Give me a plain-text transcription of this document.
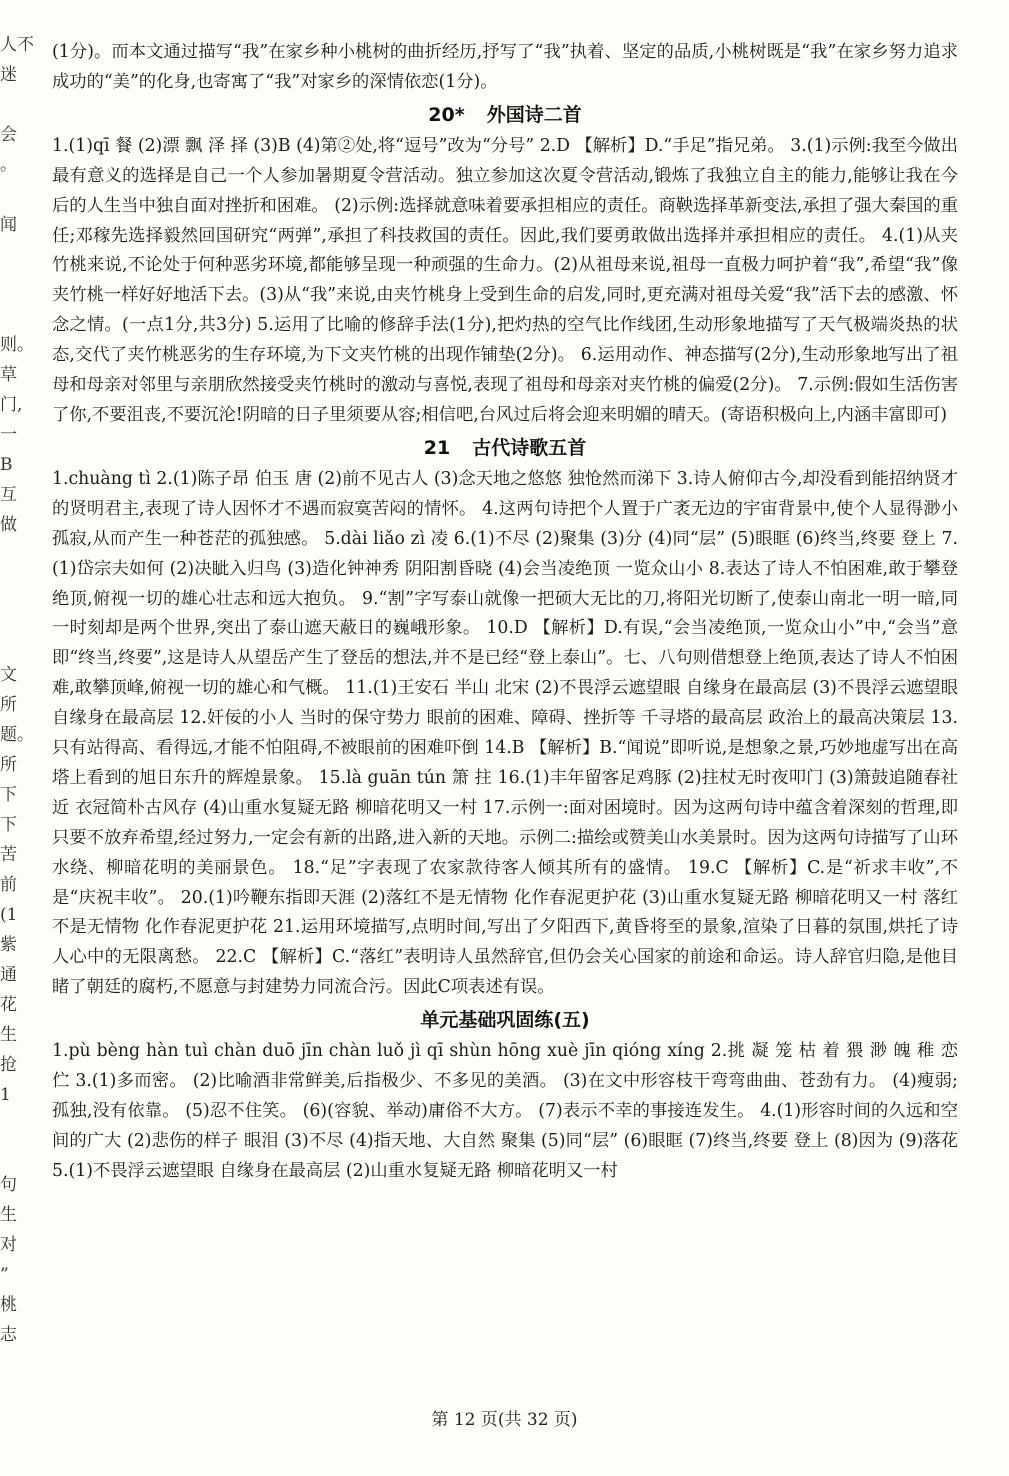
人不
迷
会
。
闻
则。
草
门,
一
B
互
做
文
所
题。
所
下
下
苦
前
(1
紫
通
花
生
抢
1
句
生
对
”
桃
志

(1分)。而本文通过描写“我”在家乡种小桃树的曲折经历,抒写了“我”执着、坚定的品质,小桃树既是“我”在家乡努力追求成功的“美”的化身,也寄寓了“我”对家乡的深情依恋(1分)。

20* 外国诗二首

1.(1)qī 餐 (2)漂 飘 泽 择 (3)B (4)第②处,将“逗号”改为“分号” 2.D 【解析】D.“手足”指兄弟。 3.(1)示例:我至今做出最有意义的选择是自己一个人参加暑期夏令营活动。独立参加这次夏令营活动,锻炼了我独立自主的能力,能够让我在今后的人生当中独自面对挫折和困难。 (2)示例:选择就意味着要承担相应的责任。商鞅选择革新变法,承担了强大秦国的重任;邓稼先选择毅然回国研究“两弹”,承担了科技救国的责任。因此,我们要勇敢做出选择并承担相应的责任。 4.(1)从夹竹桃来说,不论处于何种恶劣环境,都能够呈现一种顽强的生命力。(2)从祖母来说,祖母一直极力呵护着“我”,希望“我”像夹竹桃一样好好地活下去。(3)从“我”来说,由夹竹桃身上受到生命的启发,同时,更充满对祖母关爱“我”活下去的感激、怀念之情。(一点1分,共3分) 5.运用了比喻的修辞手法(1分),把灼热的空气比作线团,生动形象地描写了天气极端炎热的状态,交代了夹竹桃恶劣的生存环境,为下文夹竹桃的出现作铺垫(2分)。 6.运用动作、神态描写(2分),生动形象地写出了祖母和母亲对邻里与亲朋欣然接受夹竹桃时的激动与喜悦,表现了祖母和母亲对夹竹桃的偏爱(2分)。 7.示例:假如生活伤害了你,不要沮丧,不要沉沦!阴暗的日子里须要从容;相信吧,台风过后将会迎来明媚的晴天。(寄语积极向上,内涵丰富即可)

21 古代诗歌五首

1.chuàng tì 2.(1)陈子昂 伯玉 唐 (2)前不见古人 (3)念天地之悠悠 独怆然而涕下 3.诗人俯仰古今,却没看到能招纳贤才的贤明君主,表现了诗人因怀才不遇而寂寞苦闷的情怀。 4.这两句诗把个人置于广袤无边的宇宙背景中,使个人显得渺小孤寂,从而产生一种苍茫的孤独感。 5.dài liǎo zì 凌 6.(1)不尽 (2)聚集 (3)分 (4)同“层” (5)眼眶 (6)终当,终要 登上 7.(1)岱宗夫如何 (2)决眦入归鸟 (3)造化钟神秀 阴阳割昏晓 (4)会当凌绝顶 一览众山小 8.表达了诗人不怕困难,敢于攀登绝顶,俯视一切的雄心壮志和远大抱负。 9.“割”字写泰山就像一把硕大无比的刀,将阳光切断了,使泰山南北一明一暗,同一时刻却是两个世界,突出了泰山遮天蔽日的巍峨形象。 10.D 【解析】D.有误,“会当凌绝顶,一览众山小”中,“会当”意即“终当,终要”,这是诗人从望岳产生了登岳的想法,并不是已经“登上泰山”。七、八句则借想登上绝顶,表达了诗人不怕困难,敢攀顶峰,俯视一切的雄心和气概。 11.(1)王安石 半山 北宋 (2)不畏浮云遮望眼 自缘身在最高层 (3)不畏浮云遮望眼 自缘身在最高层 12.奸佞的小人 当时的保守势力 眼前的困难、障碍、挫折等 千寻塔的最高层 政治上的最高决策层 13.只有站得高、看得远,才能不怕阻碍,不被眼前的困难吓倒 14.B 【解析】B.“闻说”即听说,是想象之景,巧妙地虚写出在高塔上看到的旭日东升的辉煌景象。 15.là guān tún 箫 拄 16.(1)丰年留客足鸡豚 (2)拄杖无时夜叩门 (3)箫鼓追随春社近 衣冠简朴古风存 (4)山重水复疑无路 柳暗花明又一村 17.示例一:面对困境时。因为这两句诗中蕴含着深刻的哲理,即只要不放弃希望,经过努力,一定会有新的出路,进入新的天地。示例二:描绘或赞美山水美景时。因为这两句诗描写了山环水绕、柳暗花明的美丽景色。 18.“足”字表现了农家款待客人倾其所有的盛情。 19.C 【解析】C.是“祈求丰收”,不是“庆祝丰收”。 20.(1)吟鞭东指即天涯 (2)落红不是无情物 化作春泥更护花 (3)山重水复疑无路 柳暗花明又一村 落红不是无情物 化作春泥更护花 21.运用环境描写,点明时间,写出了夕阳西下,黄昏将至的景象,渲染了日暮的氛围,烘托了诗人心中的无限离愁。 22.C 【解析】C.“落红”表明诗人虽然辞官,但仍会关心国家的前途和命运。诗人辞官归隐,是他目睹了朝廷的腐朽,不愿意与封建势力同流合污。因此C项表述有误。

单元基础巩固练(五)

1.pù bèng hàn tuì chàn duō jīn chàn luǒ jì qī shùn hōng xuè jīn qióng xíng 2.挑 凝 笼 枯 着 猥 渺 魄 稚 恋 伫 3.(1)多而密。 (2)比喻酒非常鲜美,后指极少、不多见的美酒。 (3)在文中形容枝干弯弯曲曲、苍劲有力。 (4)瘦弱;孤独,没有依靠。 (5)忍不住笑。 (6)(容貌、举动)庸俗不大方。 (7)表示不幸的事接连发生。 4.(1)形容时间的久远和空间的广大 (2)悲伤的样子 眼泪 (3)不尽 (4)指天地、大自然 聚集 (5)同“层” (6)眼眶 (7)终当,终要 登上 (8)因为 (9)落花 5.(1)不畏浮云遮望眼 自缘身在最高层 (2)山重水复疑无路 柳暗花明又一村

第 12 页(共 32 页)
